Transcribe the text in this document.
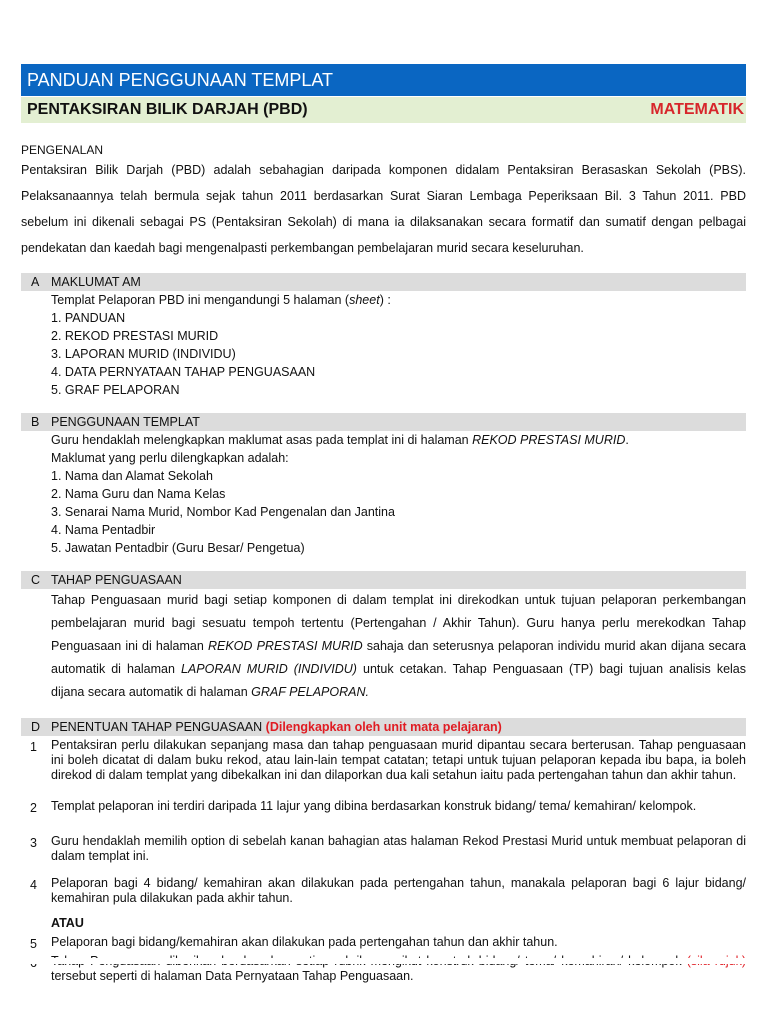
PANDUAN PENGGUNAAN TEMPLAT
PENTAKSIRAN BILIK DARJAH (PBD)	MATEMATIK
PENGENALAN

Pentaksiran Bilik Darjah (PBD) adalah sebahagian daripada komponen didalam Pentaksiran Berasaskan Sekolah (PBS). Pelaksanaannya telah bermula sejak tahun 2011 berdasarkan Surat Siaran Lembaga Peperiksaan Bil. 3 Tahun 2011. PBD sebelum ini dikenali sebagai PS (Pentaksiran Sekolah) di mana ia dilaksanakan secara formatif dan sumatif dengan pelbagai pendekatan dan kaedah bagi mengenalpasti perkembangan pembelajaran murid secara keseluruhan.

A MAKLUMAT AM
Templat Pelaporan PBD ini mengandungi 5 halaman (sheet) :
1. PANDUAN
2. REKOD PRESTASI MURID
3. LAPORAN MURID (INDIVIDU)
4. DATA PERNYATAAN TAHAP PENGUASAAN
5. GRAF PELAPORAN
B PENGGUNAAN TEMPLAT
Guru hendaklah melengkapkan maklumat asas pada templat ini di halaman REKOD PRESTASI MURID.
Maklumat yang perlu dilengkapkan adalah:
1. Nama dan Alamat Sekolah
2. Nama Guru dan Nama Kelas
3. Senarai Nama Murid, Nombor Kad Pengenalan dan Jantina
4. Nama Pentadbir
5. Jawatan Pentadbir (Guru Besar/ Pengetua)
C TAHAP PENGUASAAN

Tahap Penguasaan murid bagi setiap komponen di dalam templat ini direkodkan untuk tujuan pelaporan perkembangan pembelajaran murid bagi sesuatu tempoh tertentu (Pertengahan / Akhir Tahun). Guru hanya perlu merekodkan Tahap Penguasaan ini di halaman REKOD PRESTASI MURID sahaja dan seterusnya pelaporan individu murid akan dijana secara automatik di halaman LAPORAN MURID (INDIVIDU) untuk cetakan. Tahap Penguasaan (TP) bagi tujuan analisis kelas dijana secara automatik di halaman GRAF PELAPORAN.

D PENENTUAN TAHAP PENGUASAAN (Dilengkapkan oleh unit mata pelajaran)
1 Pentaksiran perlu dilakukan sepanjang masa dan tahap penguasaan murid dipantau secara berterusan. Tahap penguasaan ini boleh dicatat di dalam buku rekod, atau lain-lain tempat catatan; tetapi untuk tujuan pelaporan kepada ibu bapa, ia boleh direkod di dalam templat yang dibekalkan ini dan dilaporkan dua kali setahun iaitu pada pertengahan tahun dan akhir tahun.
2 Templat pelaporan ini terdiri daripada 11 lajur yang dibina berdasarkan konstruk bidang/ tema/ kemahiran/ kelompok.
3 Guru hendaklah memilih option di sebelah kanan bahagian atas halaman Rekod Prestasi Murid untuk membuat pelaporan di dalam templat ini.
4 Pelaporan bagi 4 bidang/ kemahiran akan dilakukan pada pertengahan tahun, manakala pelaporan bagi 6 lajur bidang/ kemahiran pula dilakukan pada akhir tahun.
ATAU
5 Pelaporan bagi bidang/kemahiran akan dilakukan pada pertengahan tahun dan akhir tahun.
tersebut seperti di halaman Data Pernyataan Tahap Penguasaan.
